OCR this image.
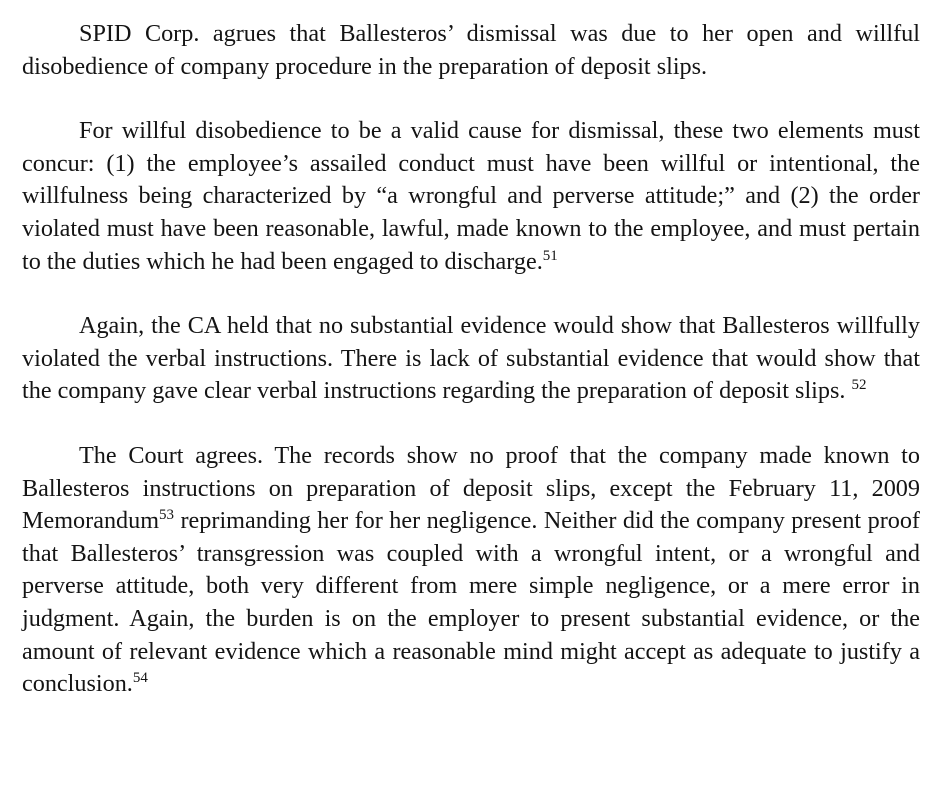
SPID Corp. agrues that Ballesteros’ dismissal was due to her open and willful disobedience of company procedure in the preparation of deposit slips.

For willful disobedience to be a valid cause for dismissal, these two elements must concur: (1) the employee’s assailed conduct must have been willful or intentional, the willfulness being characterized by “a wrongful and perverse attitude;” and (2) the order violated must have been reasonable, lawful, made known to the employee, and must pertain to the duties which he had been engaged to discharge.$^{51}$

Again, the CA held that no substantial evidence would show that Ballesteros willfully violated the verbal instructions. There is lack of substantial evidence that would show that the company gave clear verbal instructions regarding the preparation of deposit slips. $^{52}$

The Court agrees. The records show no proof that the company made known to Ballesteros instructions on preparation of deposit slips, except the February 11, 2009 Memorandum$^{53}$ reprimanding her for her negligence. Neither did the company present proof that Ballesteros’ transgression was coupled with a wrongful intent, or a wrongful and perverse attitude, both very different from mere simple negligence, or a mere error in judgment. Again, the burden is on the employer to present substantial evidence, or the amount of relevant evidence which a reasonable mind might accept as adequate to justify a conclusion.$^{54}$
